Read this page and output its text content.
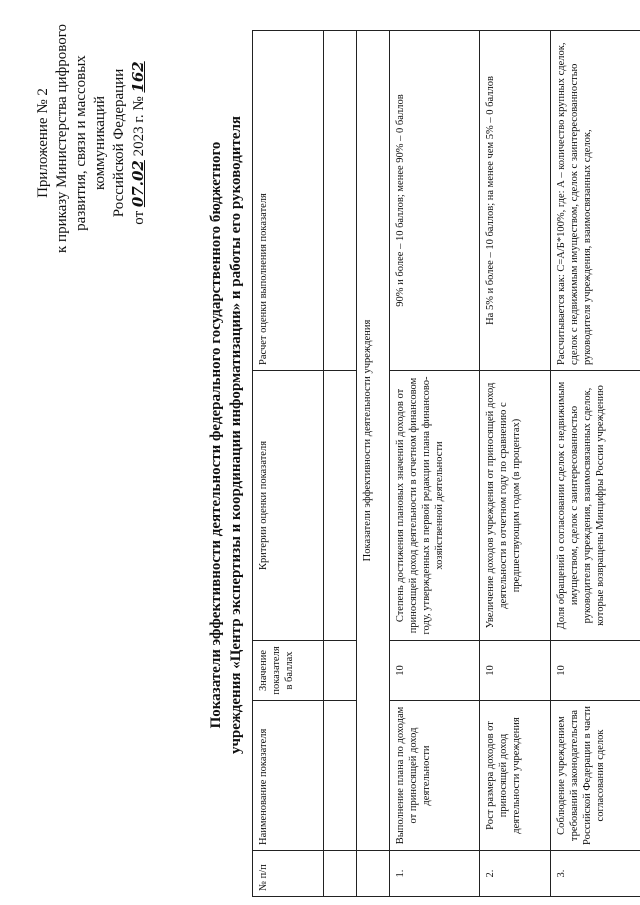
Приложение № 2 к приказу Министерства цифрового развития, связи и массовых коммуникаций Российской Федерации
от 07.02 2023 г. № 162
Показатели эффективности деятельности федерального государственного бюджетного учреждения «Центр экспертизы и координации информатизации» и работы его руководителя
№ п/п	Наименование показателя	Значение показателя в баллах	Критерии оценки показателя	Расчет оценки выполнения показателя

	Показатели эффективности деятельности учреждения			
1.	Выполнение плана по доходам от приносящей доход деятельности	10	Степень достижения плановых значений доходов от приносящей доход деятельности в отчетном финансовом году, утвержденных в первой редакции плана финансово-хозяйственной деятельности	90% и более – 10 баллов; менее 90% – 0 баллов
2.	Рост размера доходов от приносящей доход деятельности учреждения	10	Увеличение доходов учреждения от приносящей доход деятельности в отчетном году по сравнению с предшествующим годом (в процентах)	На 5% и более – 10 баллов; на менее чем 5% – 0 баллов
3.	Соблюдение учреждением требований законодательства Российской Федерации в части согласования сделок	10	Доля обращений о согласовании сделок с недвижимым имуществом, сделок с заинтересованностью руководителя учреждения, взаимосвязанных сделок, которые возвращены Минцифры России учреждению	Рассчитывается как: C=А/Б*100%, где: А – количество крупных сделок, сделок с недвижимым имуществом, сделок с заинтересованностью руководителя учреждения, взаимосвязанных сделок,
